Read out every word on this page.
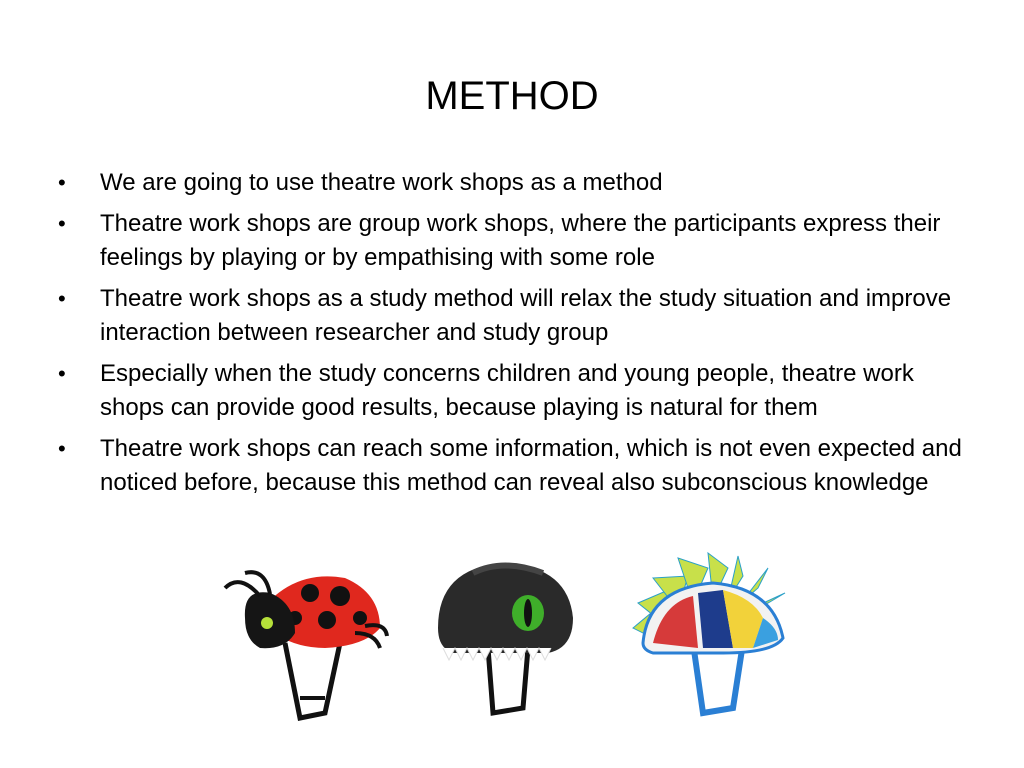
METHOD
• We are going to use theatre work shops as a method
• Theatre work shops are group work shops, where the participants express their feelings by playing or by empathising with some role
• Theatre work shops as a study method will relax the study situation and improve interaction between researcher and study group
• Especially when the study concerns children and young people, theatre work shops can provide good results, because playing is natural for them
• Theatre work shops can reach some information, which is not even expected and noticed before, because this method can reveal also subconscious knowledge
